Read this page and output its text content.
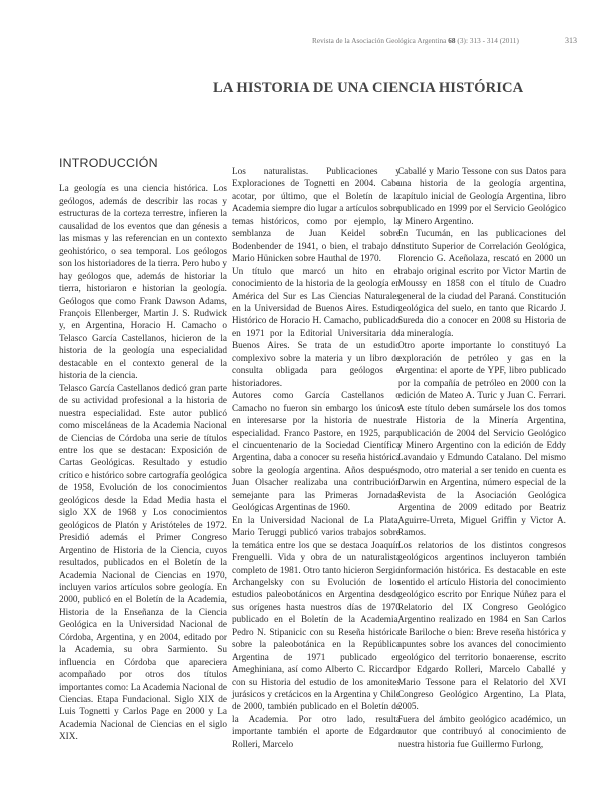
Revista de la Asociación Geológica Argentina 68 (3): 313 - 314 (2011)	313
LA HISTORIA DE UNA CIENCIA HISTÓRICA
INTRODUCCIÓN

La geología es una ciencia histórica. Los geólogos, además de describir las rocas y estructuras de la corteza terrestre, infieren la causalidad de los eventos que dan génesis a las mismas y las referencian en un contexto geohistórico, o sea temporal. Los geólogos son los historiadores de la tierra. Pero hubo y hay geólogos que, además de historiar la tierra, historiaron e historian la geología. Geólogos que como Frank Dawson Adams, François Ellenberger, Martin J. S. Rudwick y, en Argentina, Horacio H. Camacho o Telasco García Castellanos, hicieron de la historia de la geología una especialidad destacable en el contexto general de la historia de la ciencia.

Telasco García Castellanos dedicó gran parte de su actividad profesional a la historia de nuestra especialidad. Este autor publicó como misceláneas de la Academia Nacional de Ciencias de Córdoba una serie de títulos entre los que se destacan: Exposición de Cartas Geológicas. Resultado y estudio crítico e histórico sobre cartografía geológica de 1958, Evolución de los conocimientos geológicos desde la Edad Media hasta el siglo XX de 1968 y Los conocimientos geológicos de Platón y Aristóteles de 1972. Presidió además el Primer Congreso Argentino de Historia de la Ciencia, cuyos resultados, publicados en el Boletín de la Academia Nacional de Ciencias en 1970, incluyen varios artículos sobre geología. En 2000, publicó en el Boletín de la Academia, Historia de la Enseñanza de la Ciencia Geológica en la Universidad Nacional de Córdoba, Argentina, y en 2004, editado por la Academia, su obra Sarmiento. Su influencia en Córdoba que apareciera acompañado por otros dos títulos importantes como: La Academia Nacional de Ciencias. Etapa Fundacional. Siglo XIX de Luis Tognetti y Carlos Page en 2000 y La Academia Nacional de Ciencias en el siglo XIX.

Los naturalistas. Publicaciones y Exploraciones de Tognetti en 2004. Cabe acotar, por último, que el Boletín de la Academia siempre dio lugar a artículos sobre temas históricos, como por ejemplo, la semblanza de Juan Keidel sobre Bodenbender de 1941, o bien, el trabajo de Mario Hünicken sobre Hauthal de 1970.

Un título que marcó un hito en el conocimiento de la historia de la geología en América del Sur es Las Ciencias Naturales en la Universidad de Buenos Aires. Estudio Histórico de Horacio H. Camacho, publicado en 1971 por la Editorial Universitaria de Buenos Aires. Se trata de un estudio complexivo sobre la materia y un libro de consulta obligada para geólogos e historiadores.

Autores como García Castellanos o Camacho no fueron sin embargo los únicos en interesarse por la historia de nuestra especialidad. Franco Pastore, en 1925, para el cincuentenario de la Sociedad Científica Argentina, daba a conocer su reseña histórica sobre la geología argentina. Años después, Juan Olsacher realizaba una contribución semejante para las Primeras Jornadas Geológicas Argentinas de 1960.

En la Universidad Nacional de La Plata, Mario Teruggi publicó varios trabajos sobre la temática entre los que se destaca Joaquín Frenguelli. Vida y obra de un naturalista completo de 1981. Otro tanto hicieron Sergio Archangelsky con su Evolución de los estudios paleobotánicos en Argentina desde sus orígenes hasta nuestros días de 1970 publicado en el Boletín de la Academia, Pedro N. Stipanicic con su Reseña histórica sobre la paleobotánica en la República Argentina de 1971 publicado en Ameghiniana, así como Alberto C. Riccardi con su Historia del estudio de los amonites jurásicos y cretácicos en la Argentina y Chile de 2000, también publicado en el Boletín de la Academia. Por otro lado, resulta importante también el aporte de Edgardo Rolleri, Marcelo

Caballé y Mario Tessone con sus Datos para una historia de la geología argentina, capítulo inicial de Geología Argentina, libro publicado en 1999 por el Servicio Geológico y Minero Argentino.

En Tucumán, en las publicaciones del Instituto Superior de Correlación Geológica, Florencio G. Aceñolaza, rescató en 2000 un trabajo original escrito por Victor Martin de Moussy en 1858 con el título de Cuadro general de la ciudad del Paraná. Constitución geológica del suelo, en tanto que Ricardo J. Sureda dio a conocer en 2008 su Historia de la mineralogía.

Otro aporte importante lo constituyó La exploración de petróleo y gas en la Argentina: el aporte de YPF, libro publicado por la compañía de petróleo en 2000 con la edición de Mateo A. Turic y Juan C. Ferrari. A este título deben sumársele los dos tomos de Historia de la Minería Argentina, publicación de 2004 del Servicio Geológico y Minero Argentino con la edición de Eddy Lavandaio y Edmundo Catalano. Del mismo modo, otro material a ser tenido en cuenta es Darwin en Argentina, número especial de la Revista de la Asociación Geológica Argentina de 2009 editado por Beatriz Aguirre-Urreta, Miguel Griffin y Victor A. Ramos.

Los relatorios de los distintos congresos geológicos argentinos incluyeron también información histórica. Es destacable en este sentido el artículo Historia del conocimiento geológico escrito por Enrique Núñez para el Relatorio del IX Congreso Geológico Argentino realizado en 1984 en San Carlos de Bariloche o bien: Breve reseña histórica y apuntes sobre los avances del conocimiento geológico del territorio bonaerense, escrito por Edgardo Rolleri, Marcelo Caballé y Mario Tessone para el Relatorio del XVI Congreso Geológico Argentino, La Plata, 2005.

Fuera del ámbito geológico académico, un autor que contribuyó al conocimiento de nuestra historia fue Guillermo Furlong,
